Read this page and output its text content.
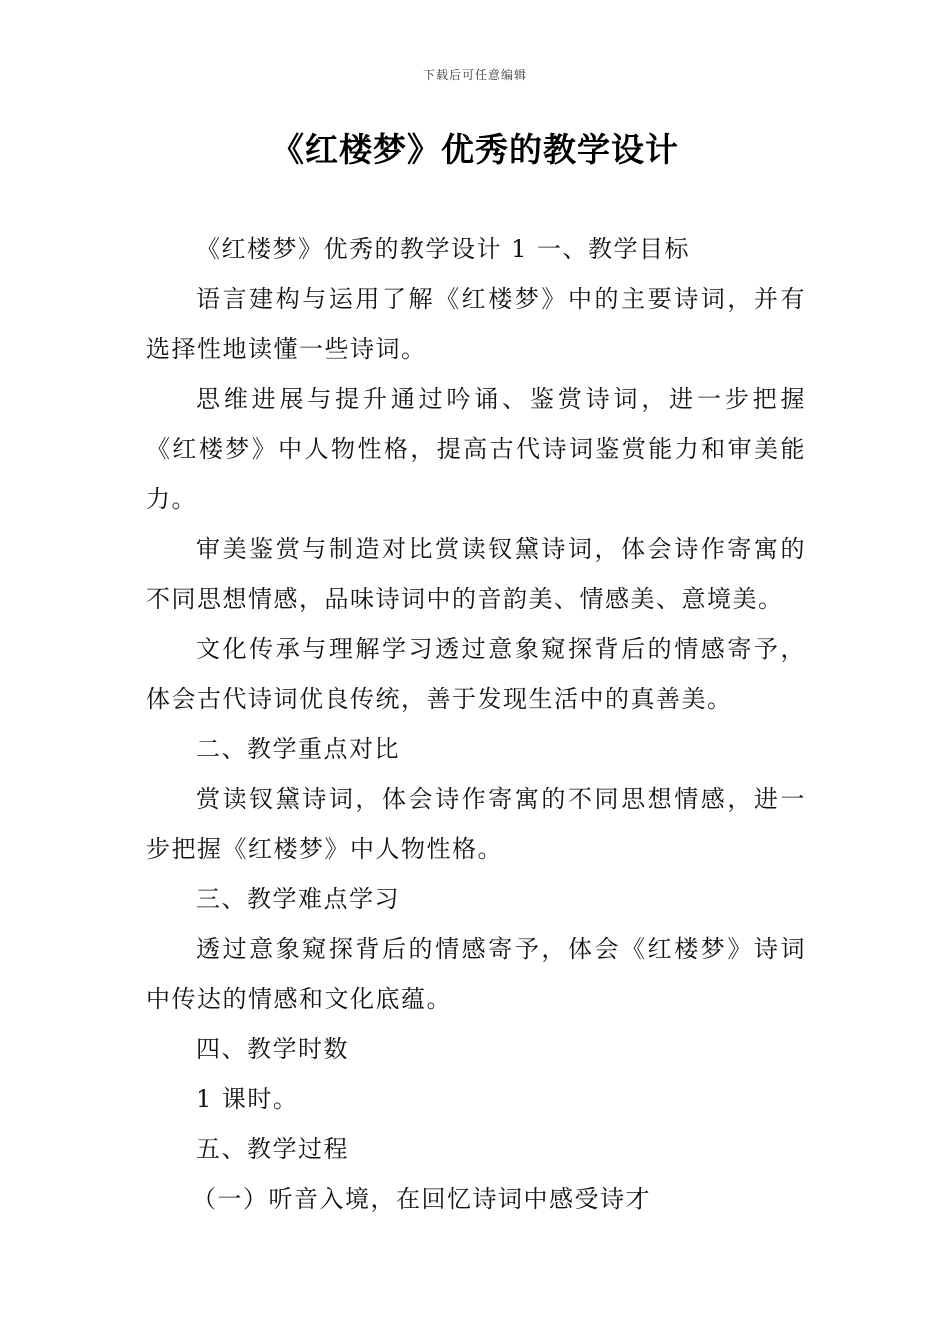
下载后可任意编辑
《红楼梦》优秀的教学设计

《红楼梦》优秀的教学设计 1 一、教学目标

语言建构与运用了解《红楼梦》中的主要诗词，并有选择性地读懂一些诗词。

思维进展与提升通过吟诵、鉴赏诗词，进一步把握《红楼梦》中人物性格，提高古代诗词鉴赏能力和审美能力。

审美鉴赏与制造对比赏读钗黛诗词，体会诗作寄寓的不同思想情感，品味诗词中的音韵美、情感美、意境美。

文化传承与理解学习透过意象窥探背后的情感寄予，体会古代诗词优良传统，善于发现生活中的真善美。

二、教学重点对比

赏读钗黛诗词，体会诗作寄寓的不同思想情感，进一步把握《红楼梦》中人物性格。

三、教学难点学习

透过意象窥探背后的情感寄予，体会《红楼梦》诗词中传达的情感和文化底蕴。

四、教学时数

1 课时。

五、教学过程

（一）听音入境，在回忆诗词中感受诗才
